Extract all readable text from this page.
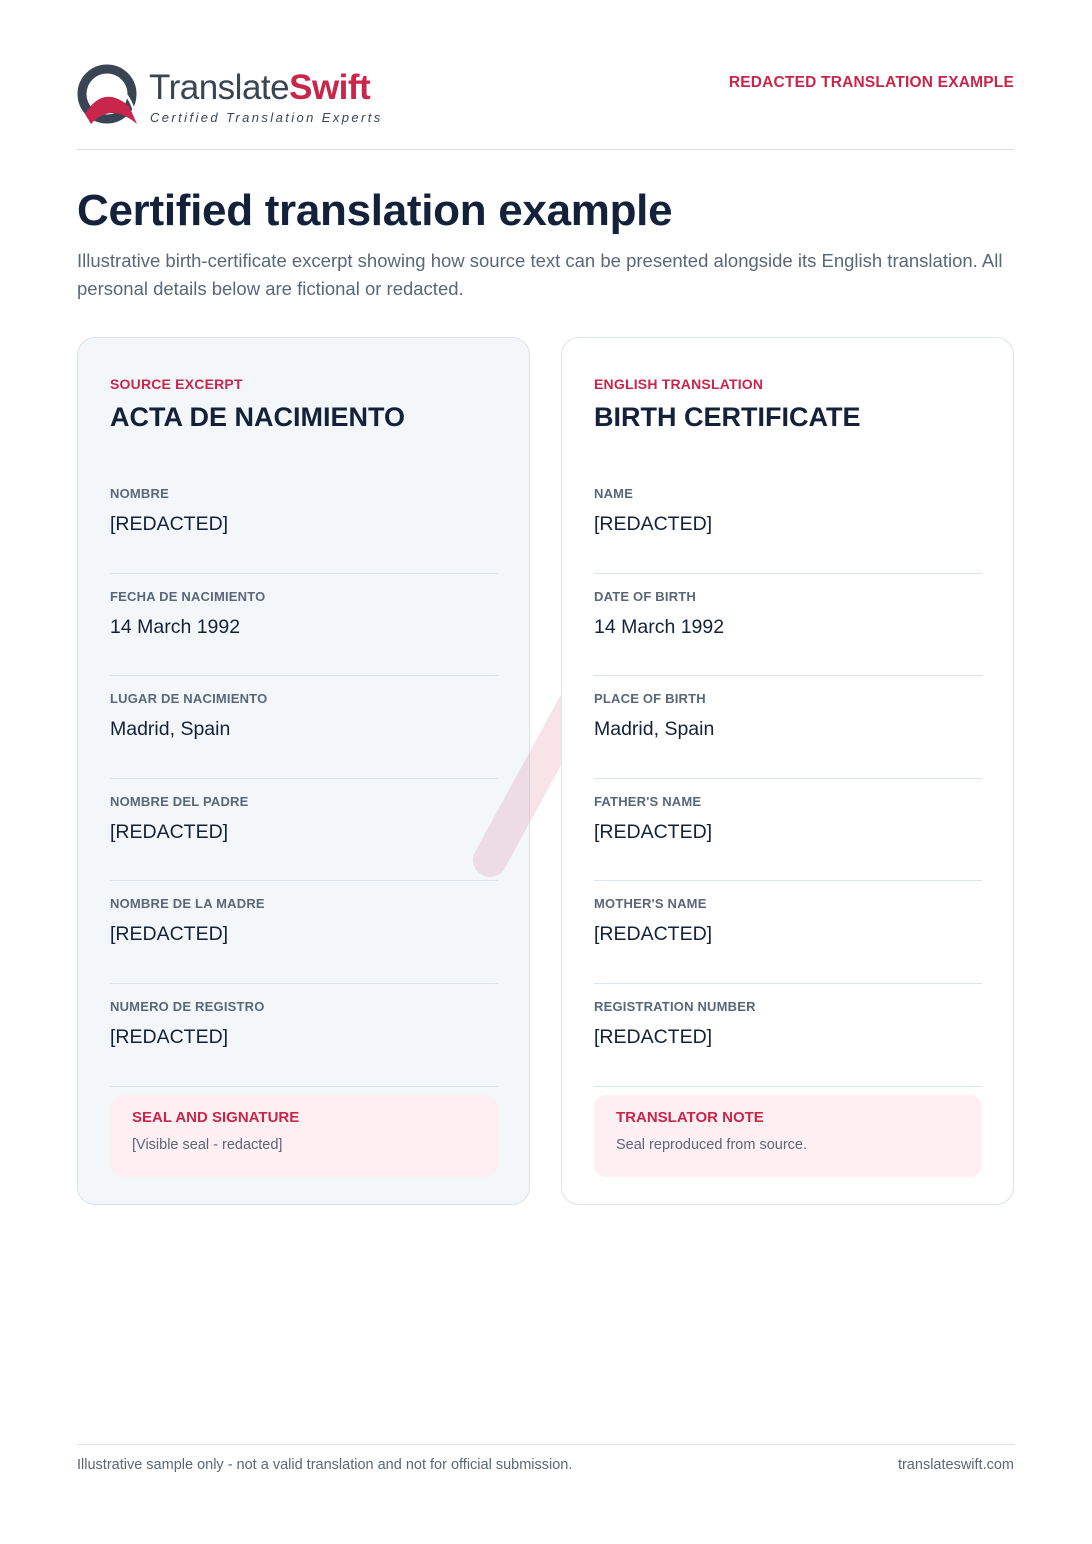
TranslateSwift
Certified Translation Experts
REDACTED TRANSLATION EXAMPLE
Certified translation example

Illustrative birth-certificate excerpt showing how source text can be presented alongside its English translation. All personal details below are fictional or redacted.

SOURCE EXCERPT
ACTA DE NACIMIENTO
NOMBRE
[REDACTED]
FECHA DE NACIMIENTO
14 March 1992
LUGAR DE NACIMIENTO
Madrid, Spain
NOMBRE DEL PADRE
[REDACTED]
NOMBRE DE LA MADRE
[REDACTED]
NUMERO DE REGISTRO
[REDACTED]
SEAL AND SIGNATURE
[Visible seal - redacted]
ENGLISH TRANSLATION
BIRTH CERTIFICATE
NAME
[REDACTED]
DATE OF BIRTH
14 March 1992
PLACE OF BIRTH
Madrid, Spain
FATHER'S NAME
[REDACTED]
MOTHER'S NAME
[REDACTED]
REGISTRATION NUMBER
[REDACTED]
TRANSLATOR NOTE
Seal reproduced from source.
Illustrative sample only - not a valid translation and not for official submission.	translateswift.com
